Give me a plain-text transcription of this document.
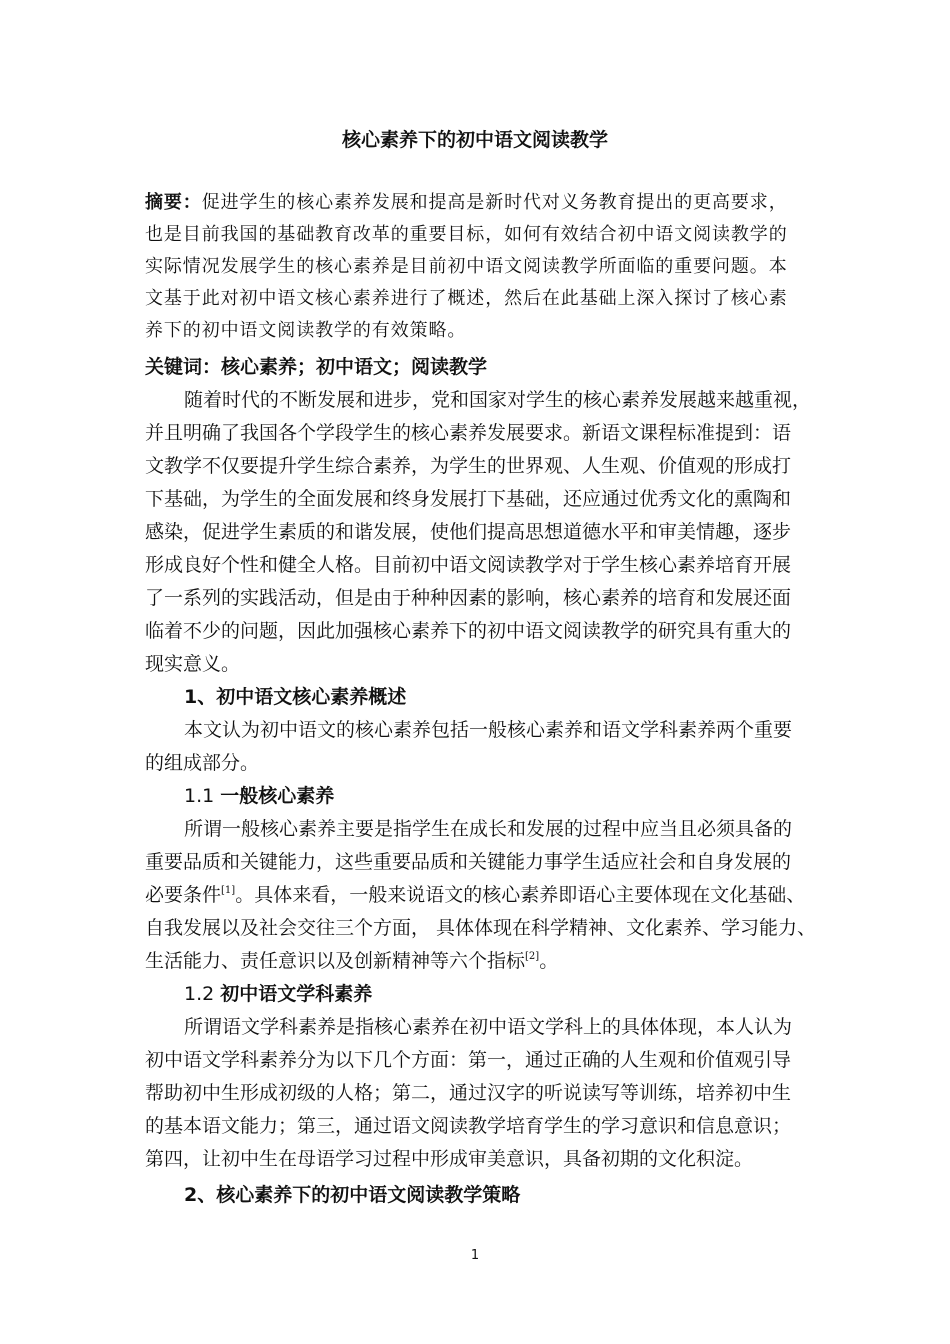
核心素养下的初中语文阅读教学
摘要：促进学生的核心素养发展和提高是新时代对义务教育提出的更高要求，
也是目前我国的基础教育改革的重要目标，如何有效结合初中语文阅读教学的
实际情况发展学生的核心素养是目前初中语文阅读教学所面临的重要问题。本
文基于此对初中语文核心素养进行了概述，然后在此基础上深入探讨了核心素
养下的初中语文阅读教学的有效策略。
关键词：核心素养；初中语文；阅读教学
随着时代的不断发展和进步，党和国家对学生的核心素养发展越来越重视，
并且明确了我国各个学段学生的核心素养发展要求。新语文课程标准提到：语
文教学不仅要提升学生综合素养，为学生的世界观、人生观、价值观的形成打
下基础，为学生的全面发展和终身发展打下基础，还应通过优秀文化的熏陶和
感染，促进学生素质的和谐发展，使他们提高思想道德水平和审美情趣，逐步
形成良好个性和健全人格。目前初中语文阅读教学对于学生核心素养培育开展
了一系列的实践活动，但是由于种种因素的影响，核心素养的培育和发展还面
临着不少的问题，因此加强核心素养下的初中语文阅读教学的研究具有重大的
现实意义。
1、初中语文核心素养概述
本文认为初中语文的核心素养包括一般核心素养和语文学科素养两个重要
的组成部分。
1.1 一般核心素养
所谓一般核心素养主要是指学生在成长和发展的过程中应当且必须具备的
重要品质和关键能力，这些重要品质和关键能力事学生适应社会和自身发展的
必要条件[1]。具体来看，一般来说语文的核心素养即语心主要体现在文化基础、
自我发展以及社会交往三个方面， 具体体现在科学精神、文化素养、学习能力、
生活能力、责任意识以及创新精神等六个指标[2]。
1.2 初中语文学科素养
所谓语文学科素养是指核心素养在初中语文学科上的具体体现，本人认为
初中语文学科素养分为以下几个方面：第一，通过正确的人生观和价值观引导
帮助初中生形成初级的人格；第二，通过汉字的听说读写等训练，培养初中生
的基本语文能力；第三，通过语文阅读教学培育学生的学习意识和信息意识；
第四，让初中生在母语学习过程中形成审美意识，具备初期的文化积淀。
2、核心素养下的初中语文阅读教学策略
1
